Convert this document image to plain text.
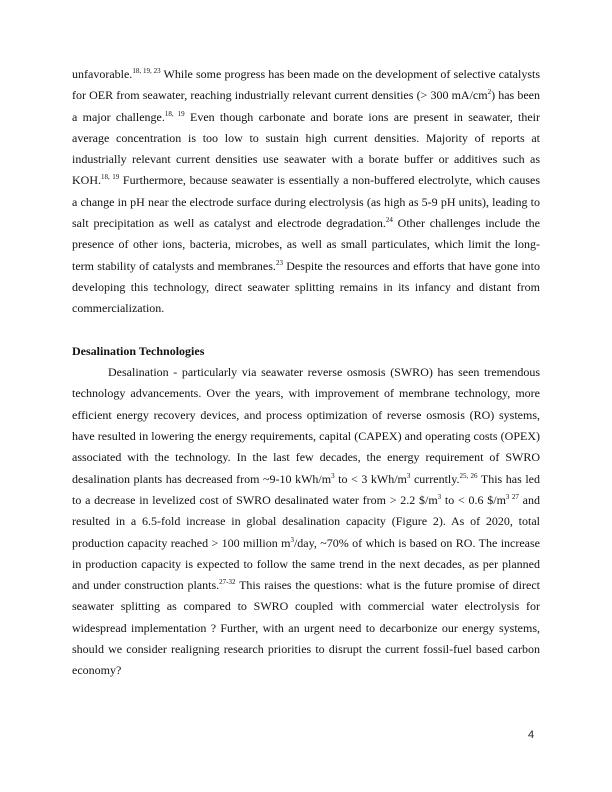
unfavorable.$^{18, 19, 23}$ While some progress has been made on the development of selective catalysts for OER from seawater, reaching industrially relevant current densities (> 300 $mA/cm^2$) has been a major challenge.$^{18, 19}$ Even though carbonate and borate ions are present in seawater, their average concentration is too low to sustain high current densities. Majority of reports at industrially relevant current densities use seawater with a borate buffer or additives such as KOH.$^{18, 19}$ Furthermore, because seawater is essentially a non-buffered electrolyte, which causes a change in pH near the electrode surface during electrolysis (as high as 5-9 pH units), leading to salt precipitation as well as catalyst and electrode degradation.$^{24}$ Other challenges include the presence of other ions, bacteria, microbes, as well as small particulates, which limit the long-term stability of catalysts and membranes.$^{23}$ Despite the resources and efforts that have gone into developing this technology, direct seawater splitting remains in its infancy and distant from commercialization.

Desalination Technologies

Desalination - particularly via seawater reverse osmosis (SWRO) has seen tremendous technology advancements. Over the years, with improvement of membrane technology, more efficient energy recovery devices, and process optimization of reverse osmosis (RO) systems, have resulted in lowering the energy requirements, capital (CAPEX) and operating costs (OPEX) associated with the technology. In the last few decades, the energy requirement of SWRO desalination plants has decreased from ~9-10 kWh/$m^3$ to < 3 kWh/$m^3$ currently.$^{25, 26}$ This has led to a decrease in levelized cost of SWRO desalinated water from > 2.2 $\$/m^3$ to < 0.6 $\$/m^{3 27}$ and resulted in a 6.5-fold increase in global desalination capacity (Figure 2). As of 2020, total production capacity reached > 100 million $m^3$/day, ~70% of which is based on RO. The increase in production capacity is expected to follow the same trend in the next decades, as per planned and under construction plants.$^{27-32}$ This raises the questions: what is the future promise of direct seawater splitting as compared to SWRO coupled with commercial water electrolysis for widespread implementation ? Further, with an urgent need to decarbonize our energy systems, should we consider realigning research priorities to disrupt the current fossil-fuel based carbon economy?

4
